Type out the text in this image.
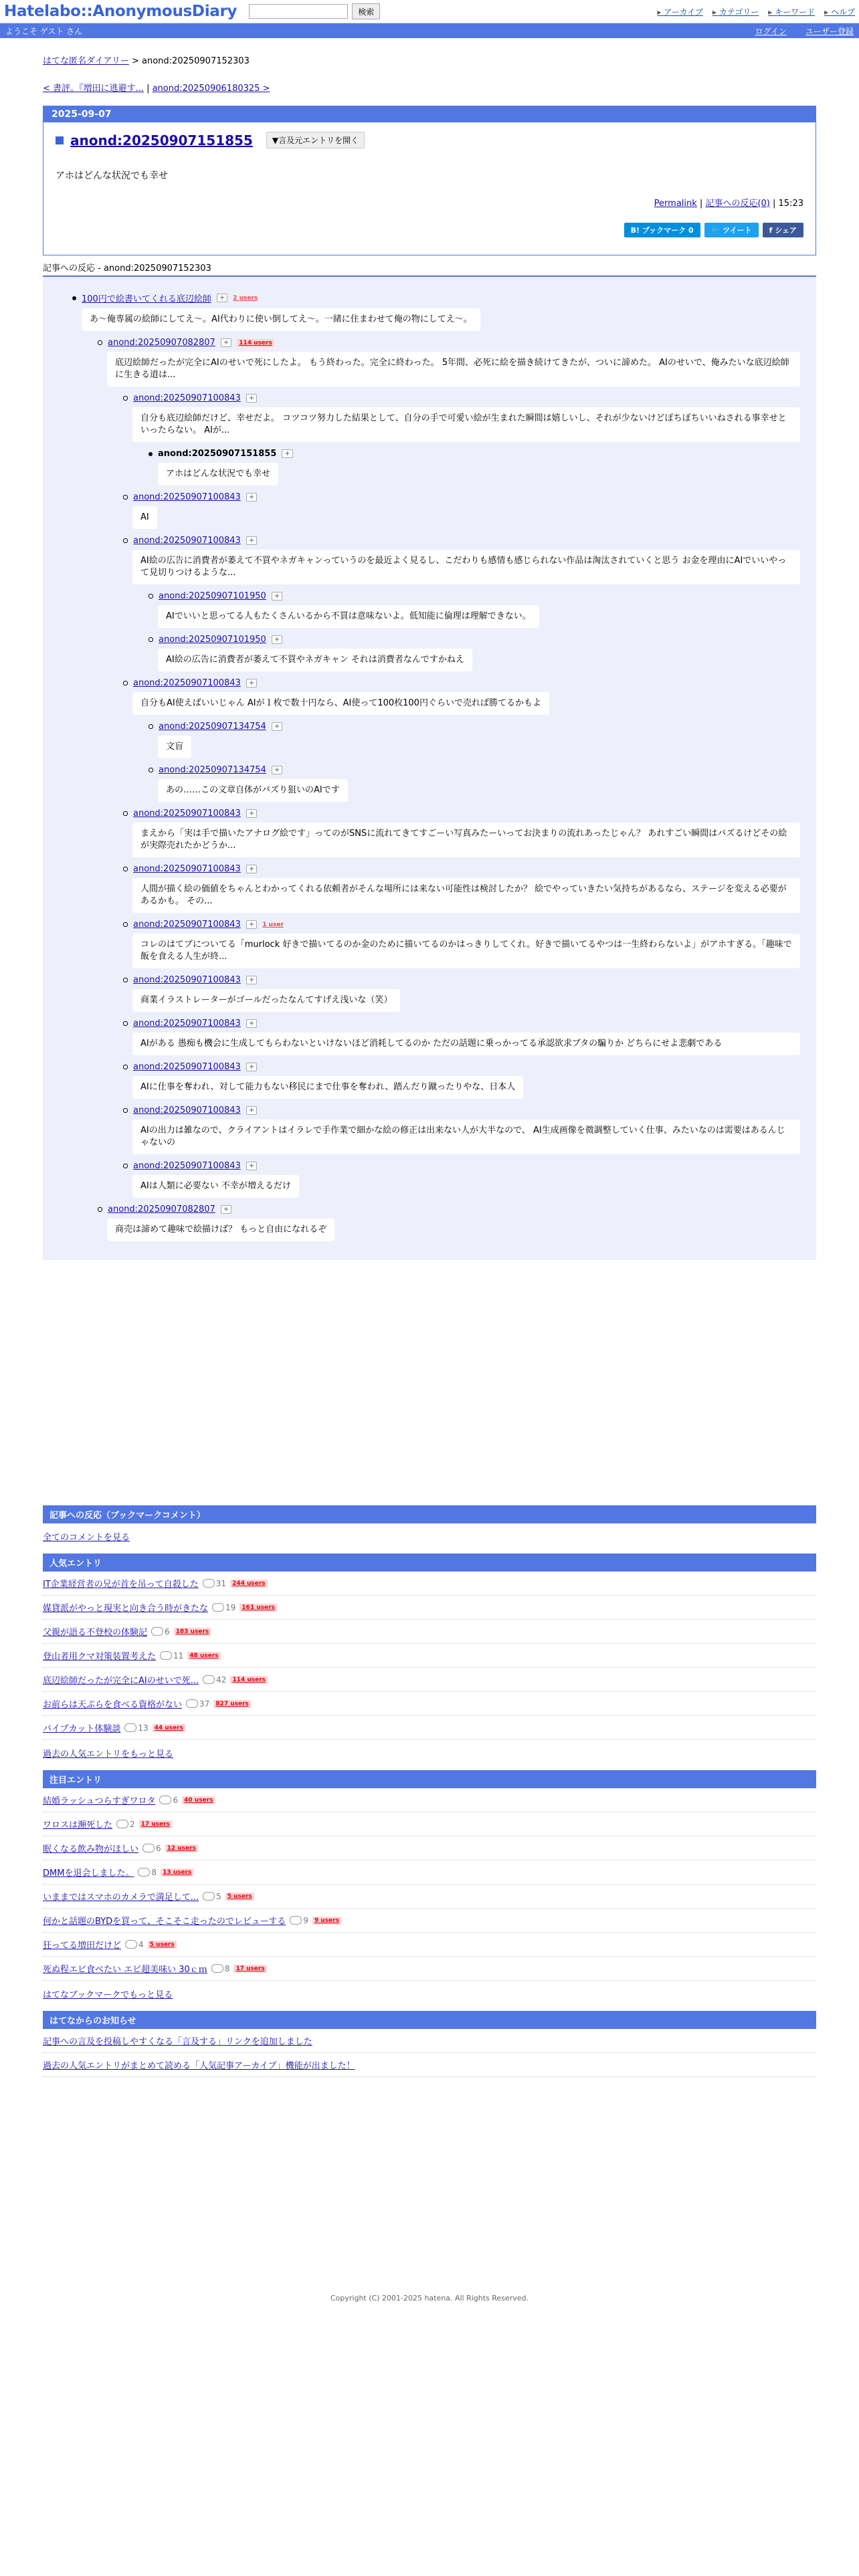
Hatelabo::AnonymousDiary	検索	▸ アーカイブ	▸ カテゴリー	▸ キーワード	▸ ヘルプ
ようこそ ゲスト さん	ログイン ユーザー登録
はてな匿名ダイアリー > anond:20250907152303
< 書評。『増田に逃避す... | anond:20250906180325 >
2025-09-07
anond:20250907151855	▼言及元エントリを開く
アホはどんな状況でも幸せ
Permalink | 記事への反応(0) | 15:23
B! ブックマーク 0	🐦 ツイート	f シェア
記事への反応 - anond:20250907152303
100円で絵書いてくれる底辺絵師	+	2 users
あ〜俺専属の絵師にしてえ〜。AI代わりに使い倒してえ〜。一緒に住まわせて俺の物にしてえ〜。
anond:20250907082807	+	114 users
底辺絵師だったが完全にAIのせいで死にしたよ。 もう終わった。完全に終わった。 5年間、必死に絵を描き続けてきたが、ついに諦めた。 AIのせいで、俺みたいな底辺絵師に生きる道は...
anond:20250907100843	+
自分も底辺絵師だけど、幸せだよ。 コツコツ努力した結果として、自分の手で可愛い絵が生まれた瞬間は嬉しいし、それが少ないけどぽちぽちいいねされる事幸せといったらない。 AIが...
anond:20250907151855	+
アホはどんな状況でも幸せ
anond:20250907100843	+
AI
anond:20250907100843	+
AI絵の広告に消費者が萎えて不買やネガキャンっていうのを最近よく見るし、こだわりも感情も感じられない作品は淘汰されていくと思う お金を理由にAIでいいやって見切りつけるような...
anond:20250907101950	+
AIでいいと思ってる人もたくさんいるから不買は意味ないよ。低知能に倫理は理解できない。
anond:20250907101950	+
AI絵の広告に消費者が萎えて不買やネガキャン それは消費者なんですかねえ
anond:20250907100843	+
自分もAI使えばいいじゃん AIが１枚で数十円なら、AI使って100枚100円ぐらいで売れば勝てるかもよ
anond:20250907134754	+
文盲
anond:20250907134754	+
あの……この文章自体がバズり狙いのAIです
anond:20250907100843	+
まえから「実は手で描いたアナログ絵です」ってのがSNSに流れてきてすごーい写真みたーいってお決まりの流れあったじゃん？ あれすごい瞬間はバズるけどその絵が実際売れたかどうか...
anond:20250907100843	+
人間が描く絵の価値をちゃんとわかってくれる依頼者がそんな場所には来ない可能性は検討したか？ 絵でやっていきたい気持ちがあるなら、ステージを変える必要があるかも。 その...
anond:20250907100843	+	1 user
コレのはてブについてる「murlock 好きで描いてるのか金のために描いてるのかはっきりしてくれ。好きで描いてるやつは一生終わらないよ」がアホすぎる。「趣味で飯を食える人生が終...
anond:20250907100843	+
商業イラストレーターがゴールだったなんてすげえ浅いな（笑）
anond:20250907100843	+
AIがある 愚痴も機会に生成してもらわないといけないほど消耗してるのか ただの話題に乗っかってる承認欲求ブタの騙りか どちらにせよ悲劇である
anond:20250907100843	+
AIに仕事を奪われ、対して能力もない移民にまで仕事を奪われ、踏んだり蹴ったりやな、日本人
anond:20250907100843	+
AIの出力は雑なので、クライアントはイラレで手作業で細かな絵の修正は出来ない人が大半なので、 AI生成画像を微調整していく仕事、みたいなのは需要はあるんじゃないの
anond:20250907100843	+
AIは人類に必要ない 不幸が増えるだけ
anond:20250907082807	+
商売は諦めて趣味で絵描けば？ もっと自由になれるぞ
記事への反応（ブックマークコメント）
全てのコメントを見る
人気エントリ
IT企業経営者の兄が首を吊って自殺した 31	244 users
媒貸派がやっと現実と向き合う時がきたな 19	161 users
父親が語る不登校の体験記 6	183 users
登山者用クマ対策装置考えた 11	48 users
底辺絵師だったが完全にAIのせいで死... 42	114 users
お前らは天ぷらを食べる資格がない 37	827 users
パイプカット体験談 13	44 users
過去の人気エントリをもっと見る
注目エントリ
結婚ラッシュつらすぎワロタ 6	40 users
ワロスは瀕死した 2	17 users
眠くなる飲み物がほしい 6	12 users
DMMを退会しました。 8	13 users
いままではスマホのカメラで満足して... 5	5 users
何かと話題のBYDを買って、そこそこ走ったのでレビューする 9	9 users
狂ってる増田だけど 4	5 users
死ぬ程エビ食べたい エビ超美味い 30ｃｍ 8	17 users
はてなブックマークでもっと見る
はてなからのお知らせ
記事への言及を投稿しやすくなる「言及する」リンクを追加しました
過去の人気エントリがまとめて読める「人気記事アーカイブ」機能が出ました！
Copyright (C) 2001-2025 hatena. All Rights Reserved.
